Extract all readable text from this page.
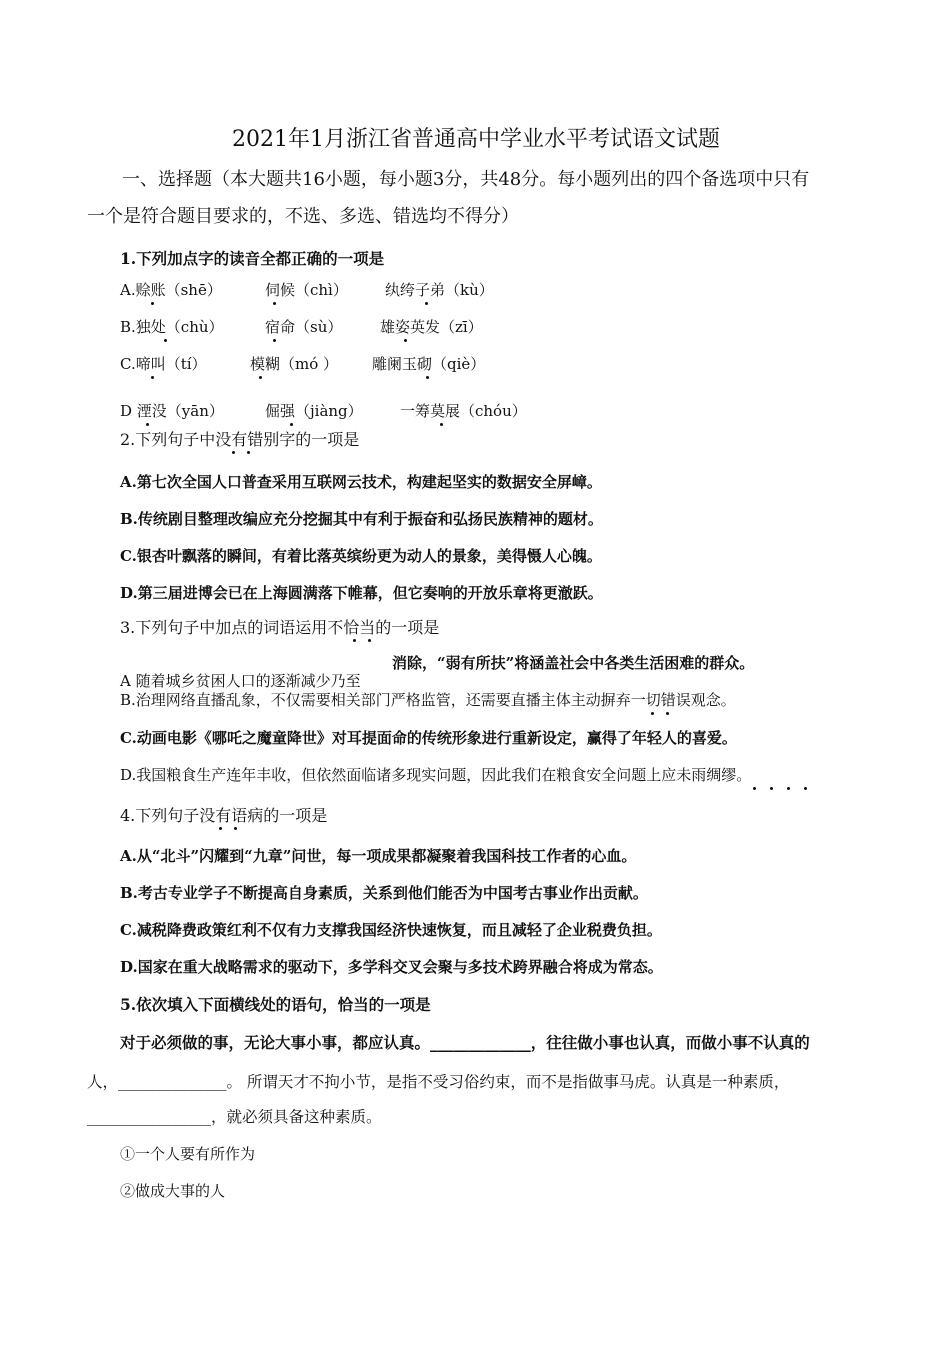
2021年1月浙江省普通高中学业水平考试语文试题
一、选择题（本大题共16小题，每小题3分，共48分。每小题列出的四个备选项中只有
一个是符合题目要求的，不选、多选、错选均不得分）
1.下列加点字的读音全都正确的一项是
A.赊账（shē）	伺候（chì） 纨绔子弟（kù）
B.独处（chù）	宿命（sù）	雄姿英发（zī）
C.啼叫（tí）	模糊（mó ） 雕阑玉砌（qiè）
D 湮没（yān）	倔强（jiàng） 一筹莫展（chóu）
2.下列句子中没有错别字的一项是
A.第七次全国人口普查采用互联网云技术，构建起坚实的数据安全屏嶂。
B.传统剧目整理改编应充分挖掘其中有利于振奋和弘扬民族精神的题材。
C.银杏叶飘落的瞬间，有着比落英缤纷更为动人的景象，美得慑人心魄。
D.第三届进博会已在上海圆满落下帷幕，但它奏响的开放乐章将更澈跃。
3.下列句子中加点的词语运用不恰当的一项是
消除，“弱有所扶”将涵盖社会中各类生活困难的群众。
A 随着城乡贫困人口的逐渐减少乃至
B.治理网络直播乱象，不仅需要相关部门严格监管，还需要直播主体主动摒弃一切错误观念。
C.动画电影《哪吒之魔童降世》对耳提面命的传统形象进行重新设定，赢得了年轻人的喜爱。
D.我国粮食生产连年丰收，但依然面临诸多现实问题，因此我们在粮食安全问题上应未雨绸缪。
4.下列句子没有语病的一项是
A.从“北斗”闪耀到“九章”问世，每一项成果都凝聚着我国科技工作者的心血。
B.考古专业学子不断提高自身素质，关系到他们能否为中国考古事业作出贡献。
C.减税降费政策红利不仅有力支撑我国经济快速恢复，而且减轻了企业税费负担。
D.国家在重大战略需求的驱动下，多学科交叉会聚与多技术跨界融合将成为常态。
5.依次填入下面横线处的语句，恰当的一项是
对于必须做的事，无论大事小事，都应认真。_____________，往往做小事也认真，而做小事不认真的
人，______________。 所谓天才不拘小节，是指不受习俗约束，而不是指做事马虎。认真是一种素质，
________________，就必须具备这种素质。
①一个人要有所作为
②做成大事的人
